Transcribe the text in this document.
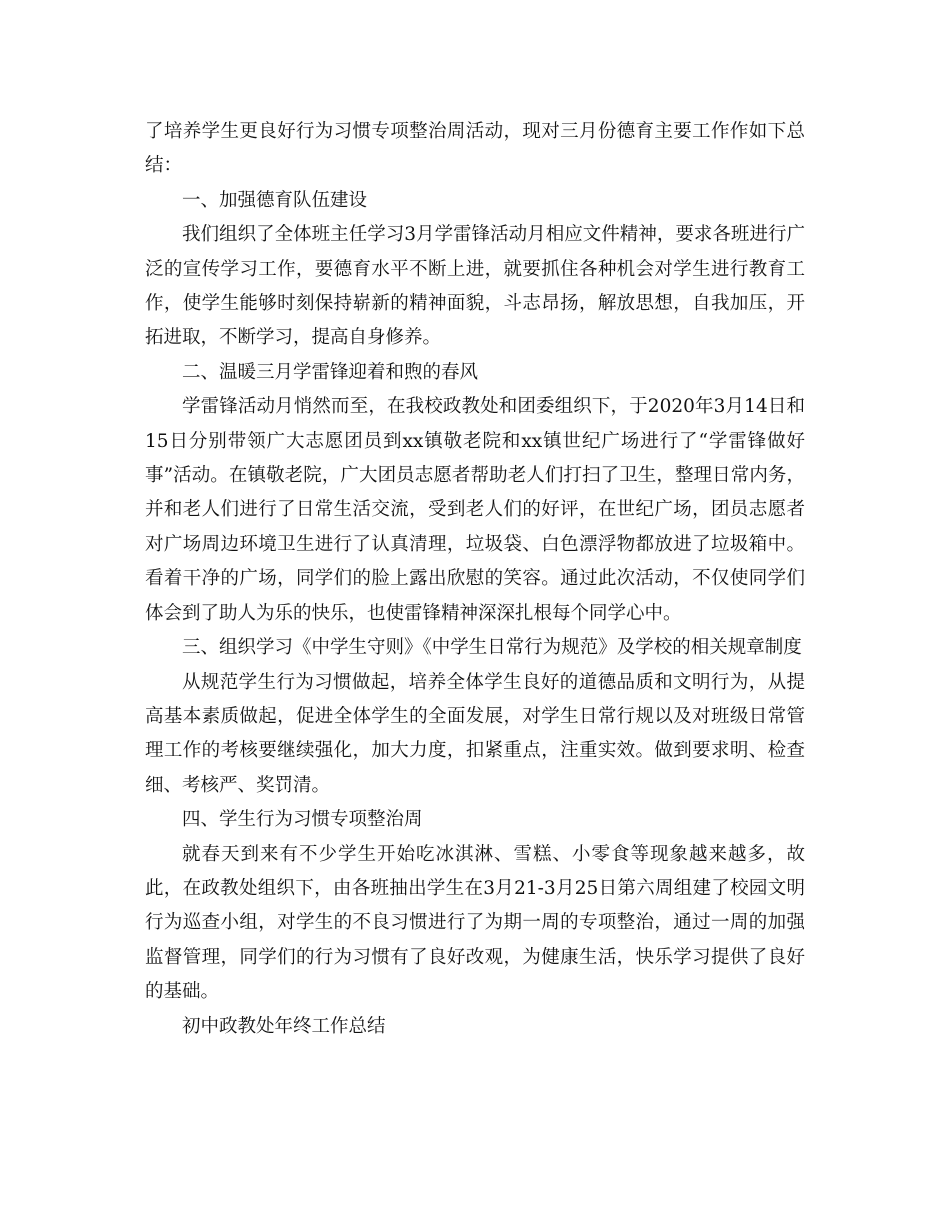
了培养学生更良好行为习惯专项整治周活动，现对三月份德育主要工作作如下总结：

一、加强德育队伍建设

我们组织了全体班主任学习3月学雷锋活动月相应文件精神，要求各班进行广泛的宣传学习工作，要德育水平不断上进，就要抓住各种机会对学生进行教育工作，使学生能够时刻保持崭新的精神面貌，斗志昂扬，解放思想，自我加压，开拓进取，不断学习，提高自身修养。

二、温暖三月学雷锋迎着和煦的春风

学雷锋活动月悄然而至，在我校政教处和团委组织下，于2020年3月14日和15日分别带领广大志愿团员到xx镇敬老院和xx镇世纪广场进行了“学雷锋做好事”活动。在镇敬老院，广大团员志愿者帮助老人们打扫了卫生，整理日常内务，并和老人们进行了日常生活交流，受到老人们的好评，在世纪广场，团员志愿者对广场周边环境卫生进行了认真清理，垃圾袋、白色漂浮物都放进了垃圾箱中。看着干净的广场，同学们的脸上露出欣慰的笑容。通过此次活动，不仅使同学们体会到了助人为乐的快乐，也使雷锋精神深深扎根每个同学心中。

三、组织学习《中学生守则》《中学生日常行为规范》及学校的相关规章制度

从规范学生行为习惯做起，培养全体学生良好的道德品质和文明行为，从提高基本素质做起，促进全体学生的全面发展，对学生日常行规以及对班级日常管理工作的考核要继续强化，加大力度，扣紧重点，注重实效。做到要求明、检查细、考核严、奖罚清。

四、学生行为习惯专项整治周

就春天到来有不少学生开始吃冰淇淋、雪糕、小零食等现象越来越多，故此，在政教处组织下，由各班抽出学生在3月21-3月25日第六周组建了校园文明行为巡查小组，对学生的不良习惯进行了为期一周的专项整治，通过一周的加强监督管理，同学们的行为习惯有了良好改观，为健康生活，快乐学习提供了良好的基础。

初中政教处年终工作总结
